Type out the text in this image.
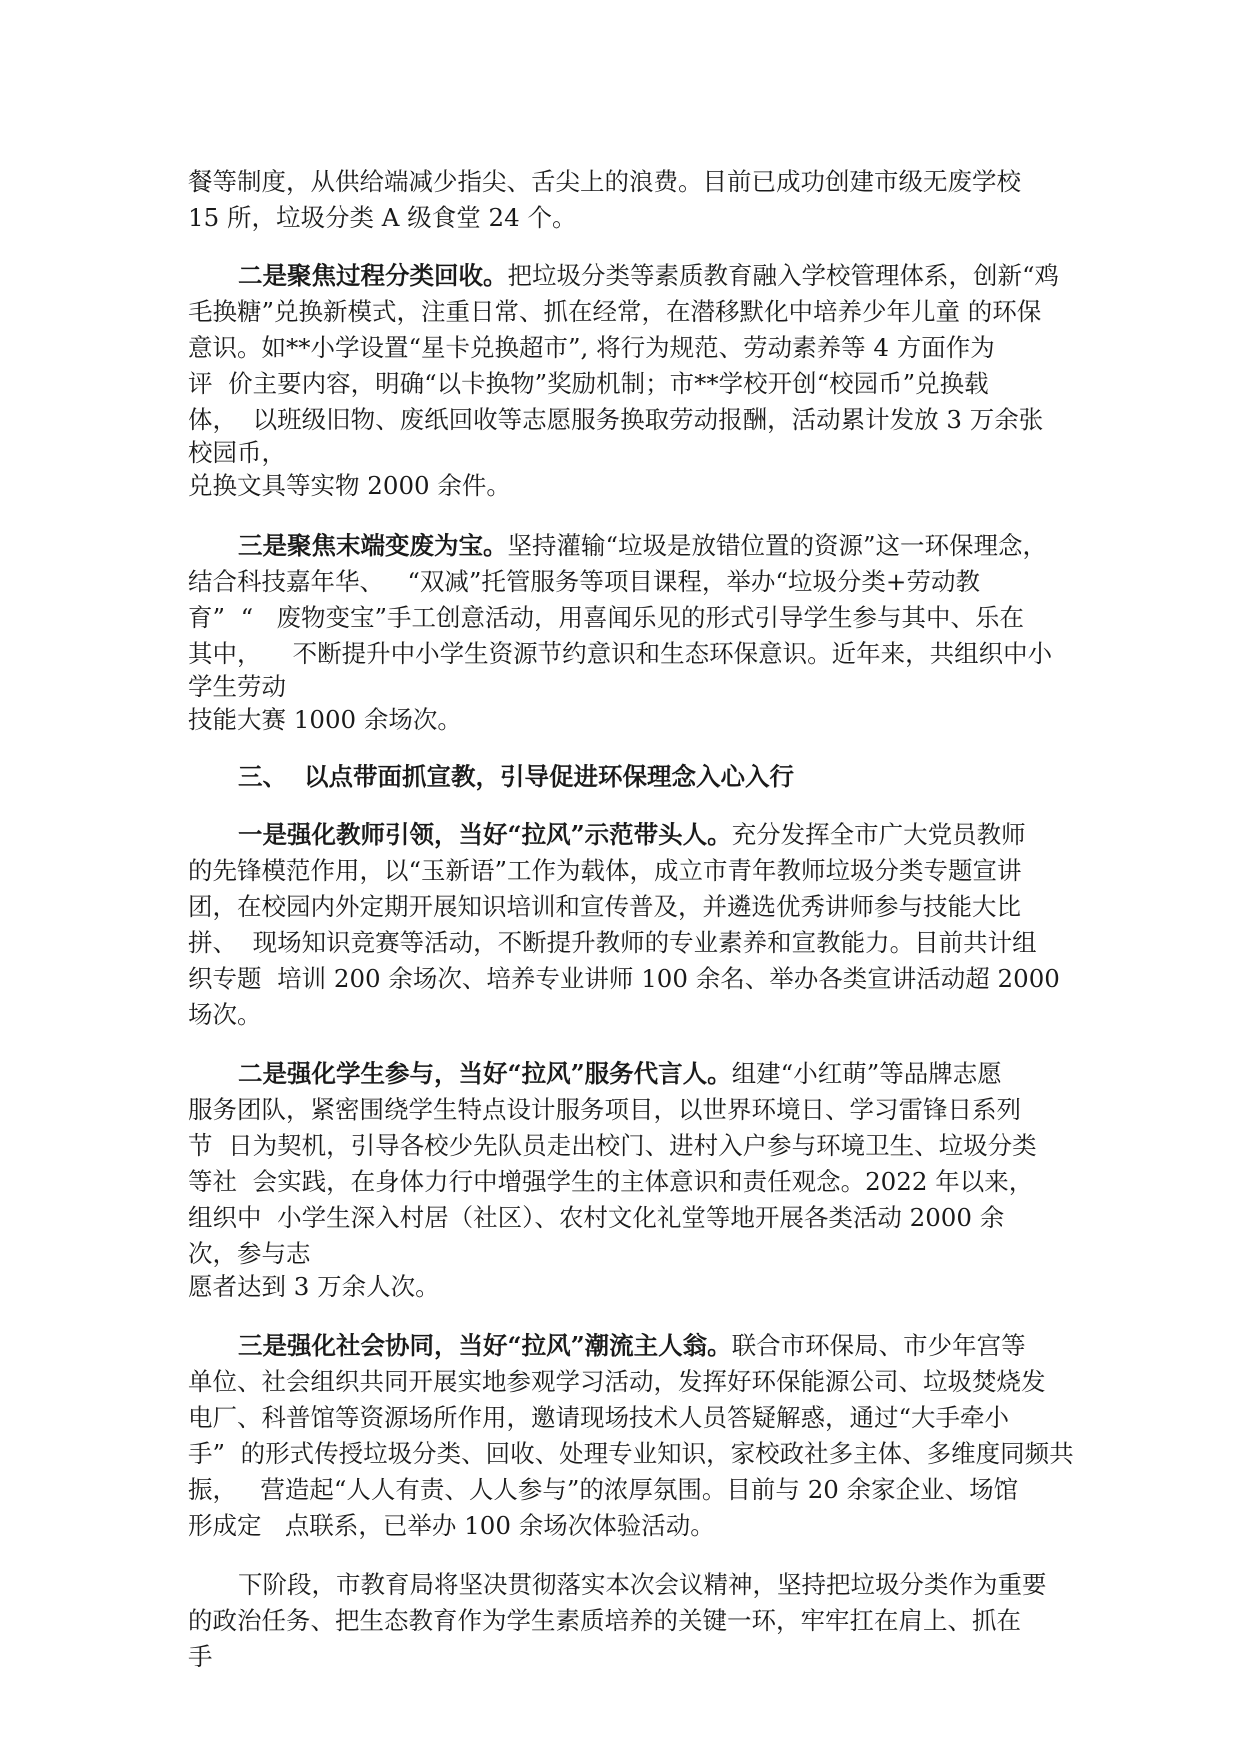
餐等制度，从供给端减少指尖、舌尖上的浪费。目前已成功创建市级无废学校
15 所，垃圾分类 A 级食堂 24 个。
二是聚焦过程分类回收。把垃圾分类等素质教育融入学校管理体系，创新“鸡
毛换糖”兑换新模式，注重日常、抓在经常，在潜移默化中培养少年儿童 的环保
意识。如**小学设置“星卡兑换超市”, 将行为规范、劳动素养等 4 方面作为
评  价主要内容，明确“以卡换物”奖励机制；市**学校开创“校园币”兑换载
体，  以班级旧物、废纸回收等志愿服务换取劳动报酬，活动累计发放 3 万余张
校园币，
兑换文具等实物 2000 余件。
三是聚焦末端变废为宝。坚持灌输“垃圾是放错位置的资源”这一环保理念，
结合科技嘉年华、   “双减”托管服务等项目课程，举办“垃圾分类+劳动教
育”  “   废物变宝”手工创意活动，用喜闻乐见的形式引导学生参与其中、乐在
其中，    不断提升中小学生资源节约意识和生态环保意识。近年来，共组织中小
学生劳动
技能大赛 1000 余场次。
三、  以点带面抓宣教，引导促进环保理念入心入行
一是强化教师引领，当好“拉风”示范带头人。充分发挥全市广大党员教师
的先锋模范作用，以“玉新语”工作为载体，成立市青年教师垃圾分类专题宣讲
团，在校园内外定期开展知识培训和宣传普及，并遴选优秀讲师参与技能大比
拼、  现场知识竞赛等活动，不断提升教师的专业素养和宣教能力。目前共计组
织专题  培训 200 余场次、培养专业讲师 100 余名、举办各类宣讲活动超 2000
场次。
二是强化学生参与，当好“拉风”服务代言人。组建“小红萌”等品牌志愿
服务团队，紧密围绕学生特点设计服务项目，以世界环境日、学习雷锋日系列
节  日为契机，引导各校少先队员走出校门、进村入户参与环境卫生、垃圾分类
等社  会实践，在身体力行中增强学生的主体意识和责任观念。2022 年以来，
组织中  小学生深入村居（社区）、农村文化礼堂等地开展各类活动 2000 余
次，参与志
愿者达到 3 万余人次。
三是强化社会协同，当好“拉风”潮流主人翁。联合市环保局、市少年宫等
单位、社会组织共同开展实地参观学习活动，发挥好环保能源公司、垃圾焚烧发
电厂、科普馆等资源场所作用，邀请现场技术人员答疑解惑，通过“大手牵小
手”  的形式传授垃圾分类、回收、处理专业知识，家校政社多主体、多维度同频共
振，   营造起“人人有责、人人参与”的浓厚氛围。目前与 20 余家企业、场馆
形成定   点联系，已举办 100 余场次体验活动。
下阶段，市教育局将坚决贯彻落实本次会议精神，坚持把垃圾分类作为重要
的政治任务、把生态教育作为学生素质培养的关键一环，牢牢扛在肩上、抓在
手
